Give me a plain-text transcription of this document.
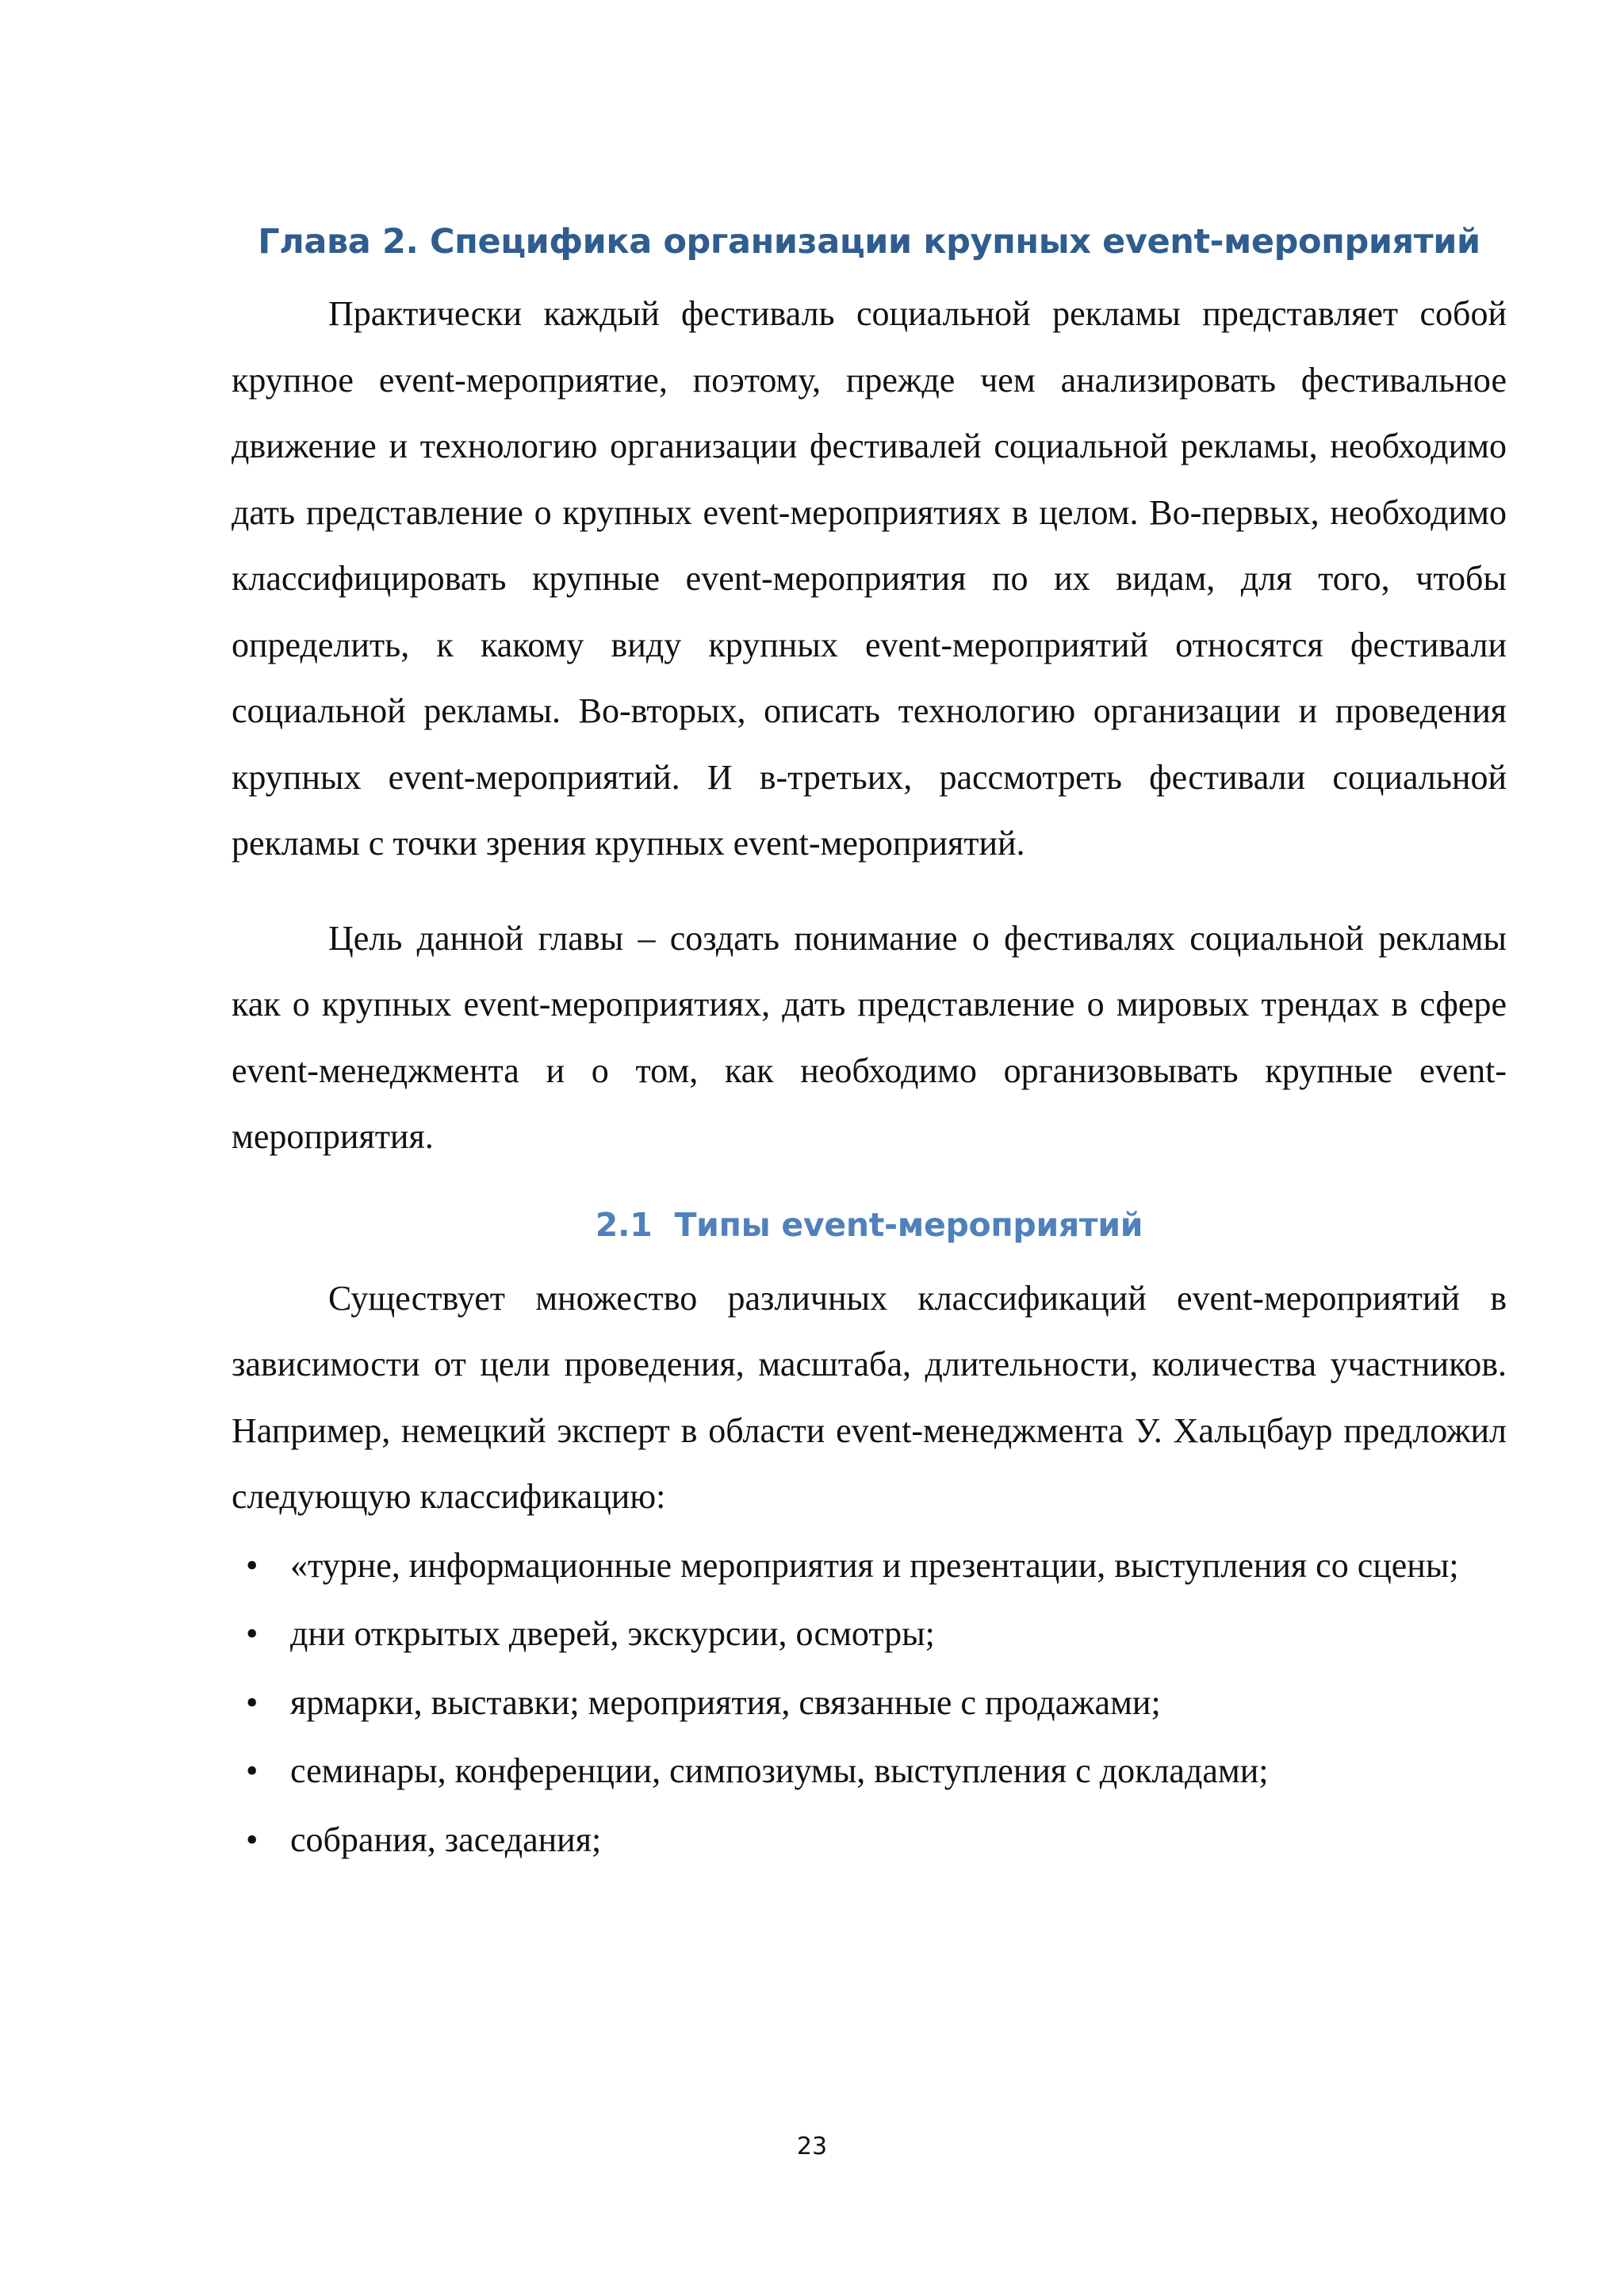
Глава 2. Специфика организации крупных event-мероприятий

Практически каждый фестиваль социальной рекламы представляет собой крупное event-мероприятие, поэтому, прежде чем анализировать фестивальное движение и технологию организации фестивалей социальной рекламы, необходимо дать представление о крупных event-мероприятиях в целом. Во-первых, необходимо классифицировать крупные event-мероприятия по их видам, для того, чтобы определить, к какому виду крупных event-мероприятий относятся фестивали социальной рекламы. Во-вторых, описать технологию организации и проведения крупных event-мероприятий. И в-третьих, рассмотреть фестивали социальной рекламы с точки зрения крупных event-мероприятий.

Цель данной главы – создать понимание о фестивалях социальной рекламы как о крупных event-мероприятиях, дать представление о мировых трендах в сфере event-менеджмента и о том, как необходимо организовывать крупные event-мероприятия.

2.1 Типы event-мероприятий

Существует множество различных классификаций event-мероприятий в зависимости от цели проведения, масштаба, длительности, количества участников. Например, немецкий эксперт в области event-менеджмента У. Хальцбаур предложил следующую классификацию:

• «турне, информационные мероприятия и презентации, выступления со сцены;
• дни открытых дверей, экскурсии, осмотры;
• ярмарки, выставки; мероприятия, связанные с продажами;
• семинары, конференции, симпозиумы, выступления с докладами;
• собрания, заседания;
23
